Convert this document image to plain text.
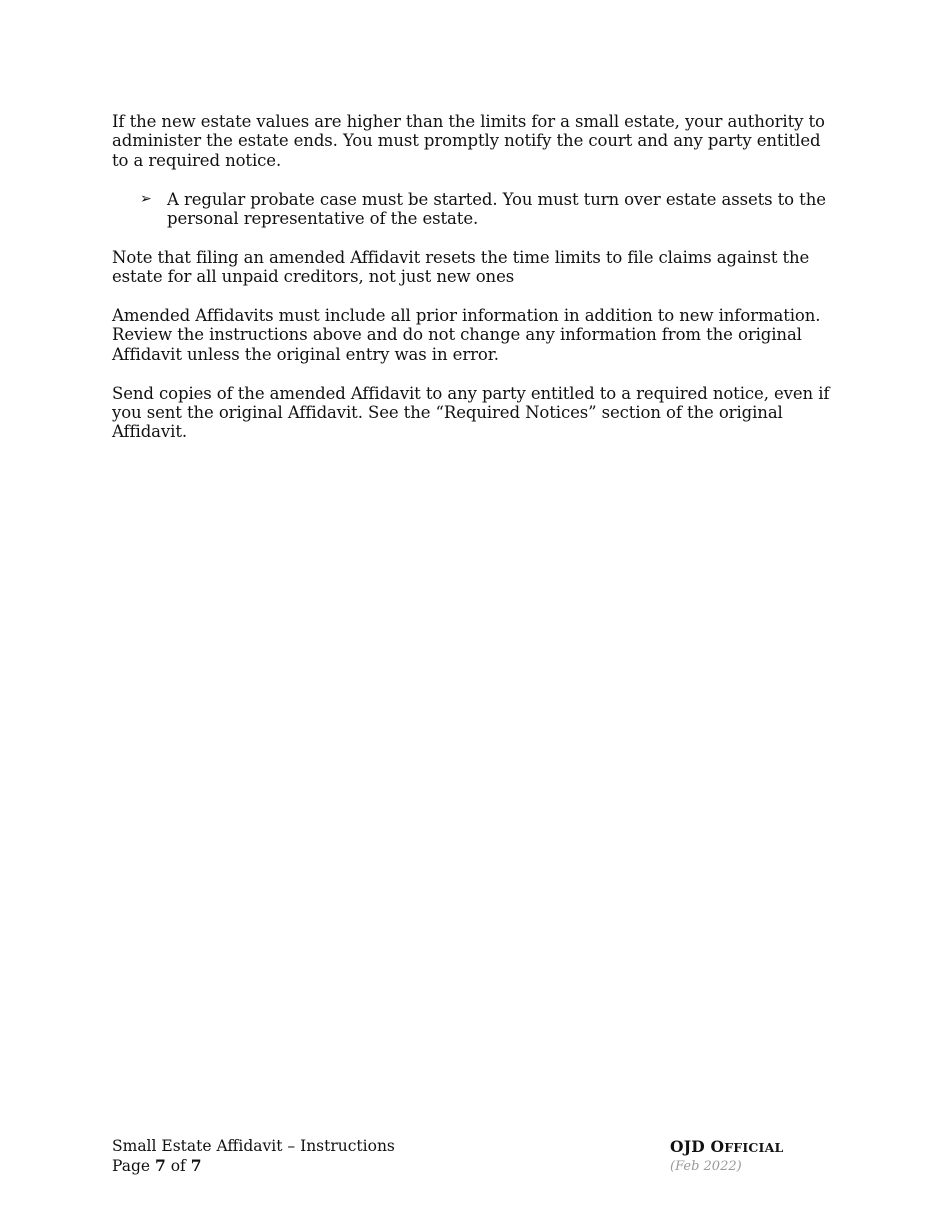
If the new estate values are higher than the limits for a small estate, your authority to administer the estate ends. You must promptly notify the court and any party entitled to a required notice.

➢ A regular probate case must be started. You must turn over estate assets to the personal representative of the estate.

Note that filing an amended Affidavit resets the time limits to file claims against the estate for all unpaid creditors, not just new ones

Amended Affidavits must include all prior information in addition to new information. Review the instructions above and do not change any information from the original Affidavit unless the original entry was in error.

Send copies of the amended Affidavit to any party entitled to a required notice, even if you sent the original Affidavit. See the “Required Notices” section of the original Affidavit.

Small Estate Affidavit – Instructions
Page 7 of 7
OJD OFFICIAL
(Feb 2022)
